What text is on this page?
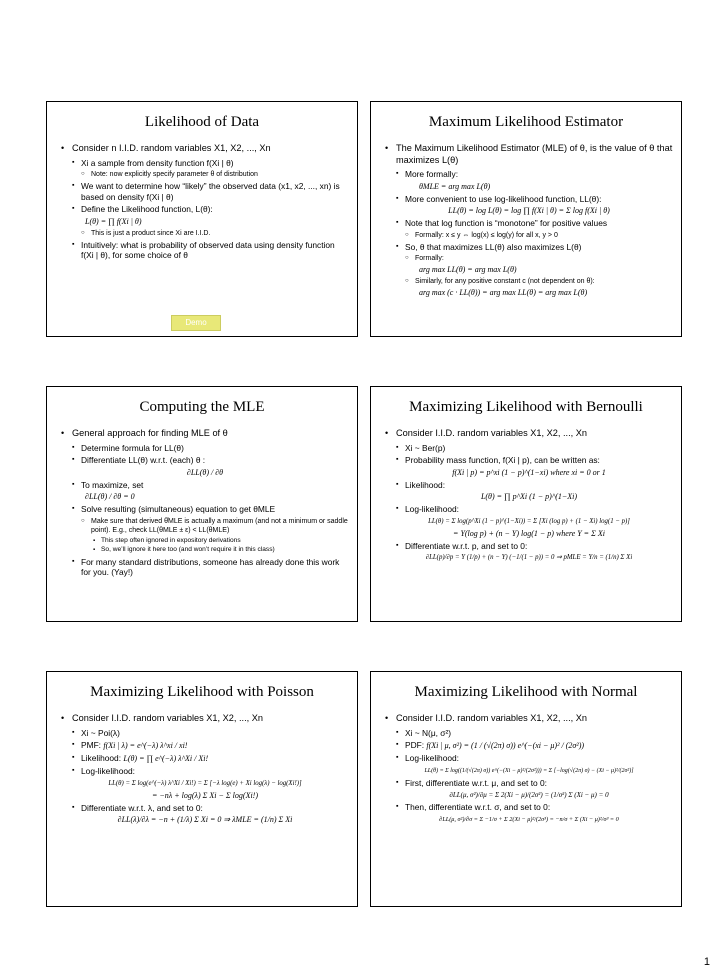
Likelihood of Data
• Consider n I.I.D. random variables X1, X2, ..., Xn
▪ Xi a sample from density function f(Xi | θ)
○ Note: now explicitly specify parameter θ of distribution
▪ We want to determine how “likely” the observed data (x1, x2, ..., xn) is based on density f(Xi | θ)
▪ Define the Likelihood function, L(θ):
L(θ) = ∏ f(Xi | θ)
○ This is just a product since Xi are I.I.D.
▪ Intuitively: what is probability of observed data using density function f(Xi | θ), for some choice of θ
Demo
Maximum Likelihood Estimator
• The Maximum Likelihood Estimator (MLE) of θ, is the value of θ that maximizes L(θ)
▪ More formally:
θMLE = arg max L(θ)
▪ More convenient to use log-likelihood function, LL(θ):
LL(θ) = log L(θ) = log ∏ f(Xi | θ) = Σ log f(Xi | θ)
▪ Note that log function is “monotone” for positive values
○ Formally: x ≤ y ⇔ log(x) ≤ log(y) for all x, y > 0
▪ So, θ that maximizes LL(θ) also maximizes L(θ)
○ Formally:
arg max LL(θ) = arg max L(θ)
○ Similarly, for any positive constant c (not dependent on θ):
arg max (c · LL(θ)) = arg max LL(θ) = arg max L(θ)
Computing the MLE
• General approach for finding MLE of θ
▪ Determine formula for LL(θ)
▪ Differentiate LL(θ) w.r.t. (each) θ :
∂LL(θ) / ∂θ
▪ To maximize, set
∂LL(θ) / ∂θ = 0
▪ Solve resulting (simultaneous) equation to get θMLE
○ Make sure that derived θ̂MLE is actually a maximum (and not a minimum or saddle point). E.g., check LL(θMLE ± ε) < LL(θMLE)
▪ This step often ignored in expository derivations
▪ So, we’ll ignore it here too (and won’t require it in this class)
▪ For many standard distributions, someone has already done this work for you. (Yay!)
Maximizing Likelihood with Bernoulli
• Consider I.I.D. random variables X1, X2, ..., Xn
▪ Xi ~ Ber(p)
▪ Probability mass function, f(Xi | p), can be written as:
f(Xi | p) = p^xi (1 − p)^(1−xi) where xi = 0 or 1
▪ Likelihood:
L(θ) = ∏ p^Xi (1 − p)^(1−Xi)
▪ Log-likelihood:
LL(θ) = Σ log(p^Xi (1 − p)^(1−Xi)) = Σ [Xi (log p) + (1 − Xi) log(1 − p)]
= Y(log p) + (n − Y) log(1 − p) where Y = Σ Xi
▪ Differentiate w.r.t. p, and set to 0:
∂LL(p)/∂p = Y (1/p) + (n − Y) (−1/(1 − p)) = 0 ⇒ pMLE = Y/n = (1/n) Σ Xi
Maximizing Likelihood with Poisson
• Consider I.I.D. random variables X1, X2, ..., Xn
▪ Xi ~ Poi(λ)
▪ PMF: f(Xi | λ) = e^(−λ) λ^xi / xi!
▪ Likelihood: L(θ) = ∏ e^(−λ) λ^Xi / Xi!
▪ Log-likelihood:
LL(θ) = Σ log(e^(−λ) λ^Xi / Xi!) = Σ [−λ log(e) + Xi log(λ) − log(Xi!)]
= −nλ + log(λ) Σ Xi − Σ log(Xi!)
▪ Differentiate w.r.t. λ, and set to 0:
∂LL(λ)/∂λ = −n + (1/λ) Σ Xi = 0 ⇒ λMLE = (1/n) Σ Xi
Maximizing Likelihood with Normal
• Consider I.I.D. random variables X1, X2, ..., Xn
▪ Xi ~ N(μ, σ²)
▪ PDF: f(Xi | μ, σ²) = (1 / (√(2π) σ)) e^(−(xi − μ)² / (2σ²))
▪ Log-likelihood:
LL(θ) = Σ log((1/(√(2π) σ)) e^(−(Xi − μ)²/(2σ²))) = Σ [−log(√(2π) σ) − (Xi − μ)²/(2σ²)]
▪ First, differentiate w.r.t. μ, and set to 0:
∂LL(μ, σ²)/∂μ = Σ 2(Xi − μ)/(2σ²) = (1/σ²) Σ (Xi − μ) = 0
▪ Then, differentiate w.r.t. σ, and set to 0:
∂LL(μ, σ²)/∂σ = Σ −1/σ + Σ 2(Xi − μ)²/(2σ³) = −n/σ + Σ (Xi − μ)²/σ³ = 0
1
